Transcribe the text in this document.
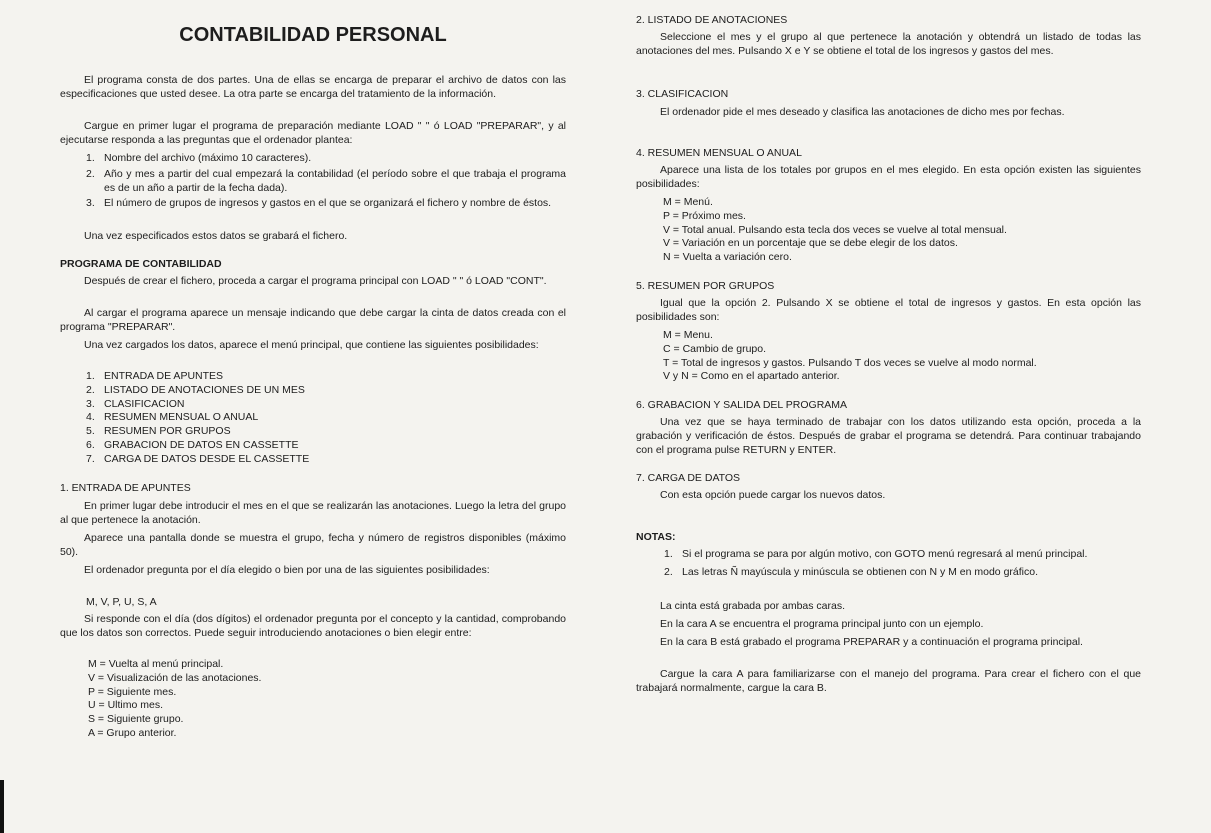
CONTABILIDAD PERSONAL

El programa consta de dos partes. Una de ellas se encarga de preparar el archivo de datos con las especificaciones que usted desee. La otra parte se encarga del tratamiento de la información.

Cargue en primer lugar el programa de preparación mediante LOAD " " ó LOAD "PREPARAR", y al ejecutarse responda a las preguntas que el ordenador plantea:

1. Nombre del archivo (máximo 10 caracteres).
2. Año y mes a partir del cual empezará la contabilidad (el período sobre el que trabaja el programa es de un año a partir de la fecha dada).
3. El número de grupos de ingresos y gastos en el que se organizará el fichero y nombre de éstos.

Una vez especificados estos datos se grabará el fichero.

PROGRAMA DE CONTABILIDAD

Después de crear el fichero, proceda a cargar el programa principal con LOAD " " ó LOAD "CONT".

Al cargar el programa aparece un mensaje indicando que debe cargar la cinta de datos creada con el programa "PREPARAR".

Una vez cargados los datos, aparece el menú principal, que contiene las siguientes posibilidades:

1. ENTRADA DE APUNTES
2. LISTADO DE ANOTACIONES DE UN MES
3. CLASIFICACION
4. RESUMEN MENSUAL O ANUAL
5. RESUMEN POR GRUPOS
6. GRABACION DE DATOS EN CASSETTE
7. CARGA DE DATOS DESDE EL CASSETTE

1. ENTRADA DE APUNTES

En primer lugar debe introducir el mes en el que se realizarán las anotaciones. Luego la letra del grupo al que pertenece la anotación.

Aparece una pantalla donde se muestra el grupo, fecha y número de registros disponibles (máximo 50).

El ordenador pregunta por el día elegido o bien por una de las siguientes posibilidades:

M, V, P, U, S, A

Si responde con el día (dos dígitos) el ordenador pregunta por el concepto y la cantidad, comprobando que los datos son correctos. Puede seguir introduciendo anotaciones o bien elegir entre:

M = Vuelta al menú principal.
V = Visualización de las anotaciones.
P = Siguiente mes.
U = Ultimo mes.
S = Siguiente grupo.
A = Grupo anterior.

2. LISTADO DE ANOTACIONES

Seleccione el mes y el grupo al que pertenece la anotación y obtendrá un listado de todas las anotaciones del mes. Pulsando X e Y se obtiene el total de los ingresos y gastos del mes.

3. CLASIFICACION

El ordenador pide el mes deseado y clasifica las anotaciones de dicho mes por fechas.

4. RESUMEN MENSUAL O ANUAL

Aparece una lista de los totales por grupos en el mes elegido. En esta opción existen las siguientes posibilidades:

M = Menú.
P = Próximo mes.
V = Total anual. Pulsando esta tecla dos veces se vuelve al total mensual.
V = Variación en un porcentaje que se debe elegir de los datos.
N = Vuelta a variación cero.

5. RESUMEN POR GRUPOS

Igual que la opción 2. Pulsando X se obtiene el total de ingresos y gastos. En esta opción las posibilidades son:

M = Menu.
C = Cambio de grupo.
T = Total de ingresos y gastos. Pulsando T dos veces se vuelve al modo normal.
V y N = Como en el apartado anterior.

6. GRABACION Y SALIDA DEL PROGRAMA

Una vez que se haya terminado de trabajar con los datos utilizando esta opción, proceda a la grabación y verificación de éstos. Después de grabar el programa se detendrá. Para continuar trabajando con el programa pulse RETURN y ENTER.

7. CARGA DE DATOS

Con esta opción puede cargar los nuevos datos.

NOTAS:

1. Si el programa se para por algún motivo, con GOTO menú regresará al menú principal.
2. Las letras Ñ mayúscula y minúscula se obtienen con N y M en modo gráfico.

La cinta está grabada por ambas caras.

En la cara A se encuentra el programa principal junto con un ejemplo.

En la cara B está grabado el programa PREPARAR y a continuación el programa principal.

Cargue la cara A para familiarizarse con el manejo del programa. Para crear el fichero con el que trabajará normalmente, cargue la cara B.
